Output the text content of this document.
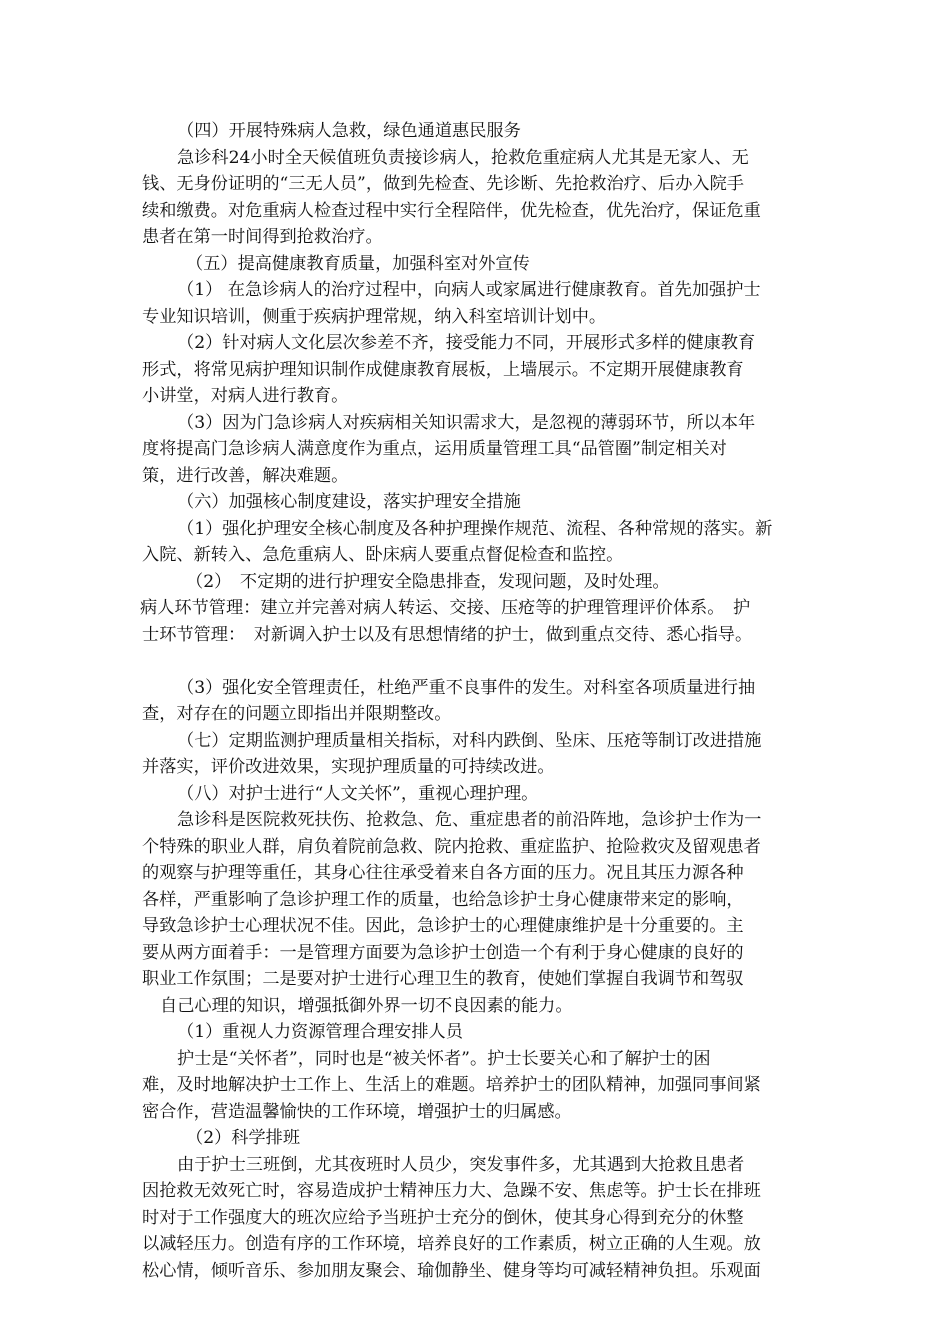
（四）开展特殊病人急救，绿色通道惠民服务
急诊科24小时全天候值班负责接诊病人，抢救危重症病人尤其是无家人、无
钱、无身份证明的“三无人员”，做到先检查、先诊断、先抢救治疗、后办入院手
续和缴费。对危重病人检查过程中实行全程陪伴，优先检查，优先治疗，保证危重
患者在第一时间得到抢救治疗。
（五）提高健康教育质量，加强科室对外宣传
（1） 在急诊病人的治疗过程中，向病人或家属进行健康教育。首先加强护士
专业知识培训，侧重于疾病护理常规，纳入科室培训计划中。
（2）针对病人文化层次参差不齐，接受能力不同，开展形式多样的健康教育
形式，将常见病护理知识制作成健康教育展板，上墙展示。不定期开展健康教育
小讲堂，对病人进行教育。
（3）因为门急诊病人对疾病相关知识需求大，是忽视的薄弱环节，所以本年
度将提高门急诊病人满意度作为重点，运用质量管理工具“品管圈”制定相关对
策，进行改善，解决难题。
（六）加强核心制度建设，落实护理安全措施
（1）强化护理安全核心制度及各种护理操作规范、流程、各种常规的落实。新
入院、新转入、急危重病人、卧床病人要重点督促检查和监控。
（2）　不定期的进行护理安全隐患排查，发现问题，及时处理。
病人环节管理：建立并完善对病人转运、交接、压疮等的护理管理评价体系。　护
士环节管理：　对新调入护士以及有思想情绪的护士，做到重点交待、悉心指导。
（3）强化安全管理责任，杜绝严重不良事件的发生。对科室各项质量进行抽
查，对存在的问题立即指出并限期整改。
（七）定期监测护理质量相关指标，对科内跌倒、坠床、压疮等制订改进措施
并落实，评价改进效果，实现护理质量的可持续改进。
（八）对护士进行“人文关怀”，重视心理护理。
急诊科是医院救死扶伤、抢救急、危、重症患者的前沿阵地，急诊护士作为一
个特殊的职业人群，肩负着院前急救、院内抢救、重症监护、抢险救灾及留观患者
的观察与护理等重任，其身心往往承受着来自各方面的压力。况且其压力源各种
各样，严重影响了急诊护理工作的质量，也给急诊护士身心健康带来定的影响，
导致急诊护士心理状况不佳。因此，急诊护士的心理健康维护是十分重要的。主
要从两方面着手：一是管理方面要为急诊护士创造一个有利于身心健康的良好的
职业工作氛围；二是要对护士进行心理卫生的教育，使她们掌握自我调节和驾驭
自己心理的知识，增强抵御外界一切不良因素的能力。
（1）重视人力资源管理合理安排人员
护士是“关怀者”，同时也是“被关怀者”。护士长要关心和了解护士的困
难，及时地解决护士工作上、生活上的难题。培养护士的团队精神，加强同事间紧
密合作，营造温馨愉快的工作环境，增强护士的归属感。
（2）科学排班
由于护士三班倒，尤其夜班时人员少，突发事件多，尤其遇到大抢救且患者
因抢救无效死亡时，容易造成护士精神压力大、急躁不安、焦虑等。护士长在排班
时对于工作强度大的班次应给予当班护士充分的倒休，使其身心得到充分的休整
以减轻压力。创造有序的工作环境，培养良好的工作素质，树立正确的人生观。放
松心情，倾听音乐、参加朋友聚会、瑜伽静坐、健身等均可减轻精神负担。乐观面
